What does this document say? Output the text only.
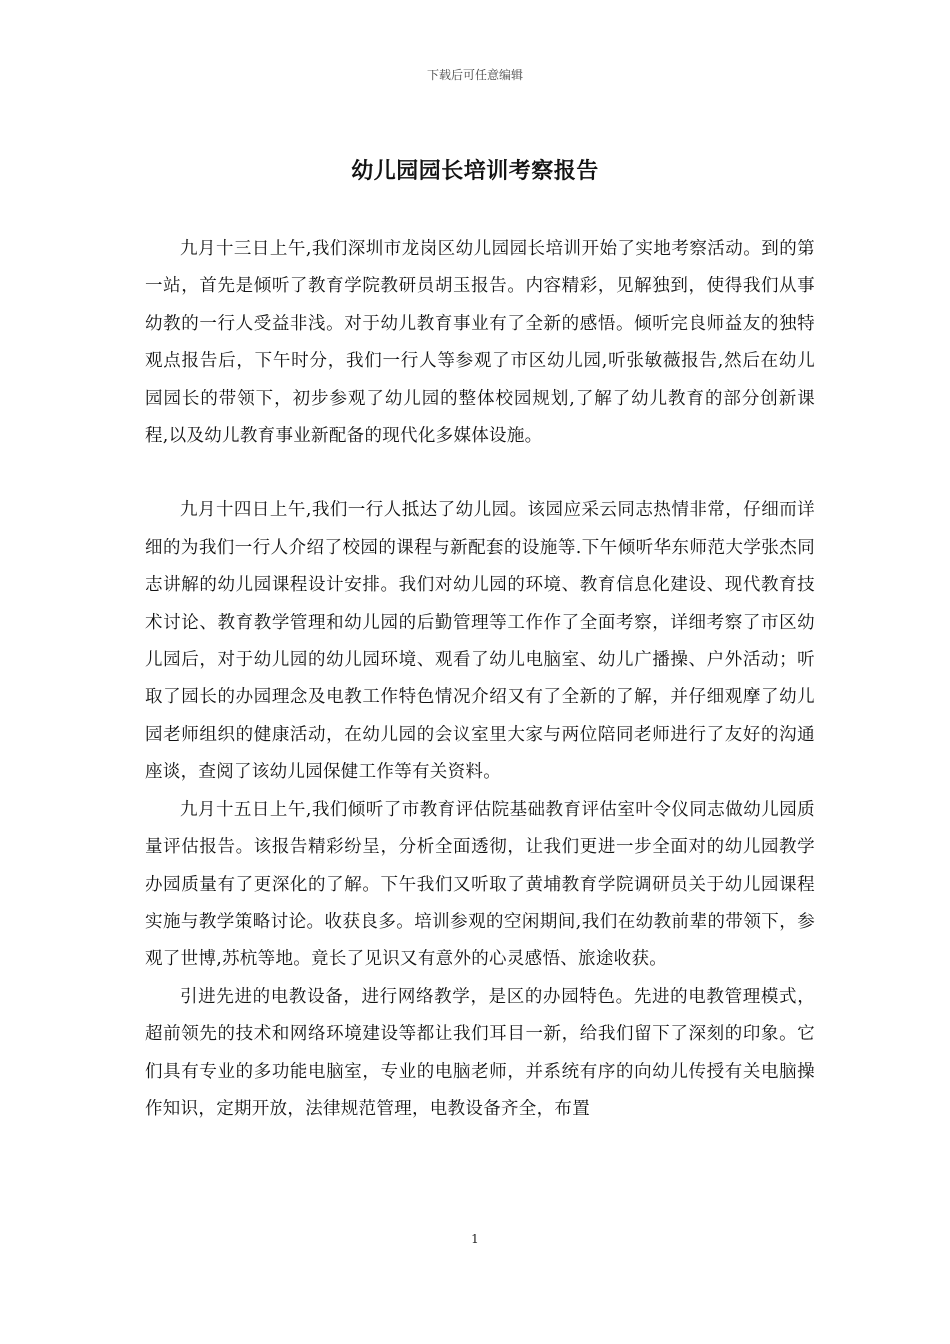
下载后可任意编辑
幼儿园园长培训考察报告

九月十三日上午,我们深圳市龙岗区幼儿园园长培训开始了实地考察活动。到的第一站，首先是倾听了教育学院教研员胡玉报告。内容精彩，见解独到，使得我们从事幼教的一行人受益非浅。对于幼儿教育事业有了全新的感悟。倾听完良师益友的独特观点报告后，下午时分，我们一行人等参观了市区幼儿园,听张敏薇报告,然后在幼儿园园长的带领下，初步参观了幼儿园的整体校园规划,了解了幼儿教育的部分创新课程,以及幼儿教育事业新配备的现代化多媒体设施。

九月十四日上午,我们一行人抵达了幼儿园。该园应采云同志热情非常，仔细而详细的为我们一行人介绍了校园的课程与新配套的设施等.下午倾听华东师范大学张杰同志讲解的幼儿园课程设计安排。我们对幼儿园的环境、教育信息化建设、现代教育技术讨论、教育教学管理和幼儿园的后勤管理等工作作了全面考察，详细考察了市区幼儿园后，对于幼儿园的幼儿园环境、观看了幼儿电脑室、幼儿广播操、户外活动；听取了园长的办园理念及电教工作特色情况介绍又有了全新的了解，并仔细观摩了幼儿园老师组织的健康活动，在幼儿园的会议室里大家与两位陪同老师进行了友好的沟通座谈，查阅了该幼儿园保健工作等有关资料。

九月十五日上午,我们倾听了市教育评估院基础教育评估室叶令仪同志做幼儿园质量评估报告。该报告精彩纷呈，分析全面透彻，让我们更进一步全面对的幼儿园教学办园质量有了更深化的了解。下午我们又听取了黄埔教育学院调研员关于幼儿园课程实施与教学策略讨论。收获良多。培训参观的空闲期间,我们在幼教前辈的带领下，参观了世博,苏杭等地。竟长了见识又有意外的心灵感悟、旅途收获。

引进先进的电教设备，进行网络教学，是区的办园特色。先进的电教管理模式，超前领先的技术和网络环境建设等都让我们耳目一新，给我们留下了深刻的印象。它们具有专业的多功能电脑室，专业的电脑老师，并系统有序的向幼儿传授有关电脑操作知识，定期开放，法律规范管理，电教设备齐全，布置

1
